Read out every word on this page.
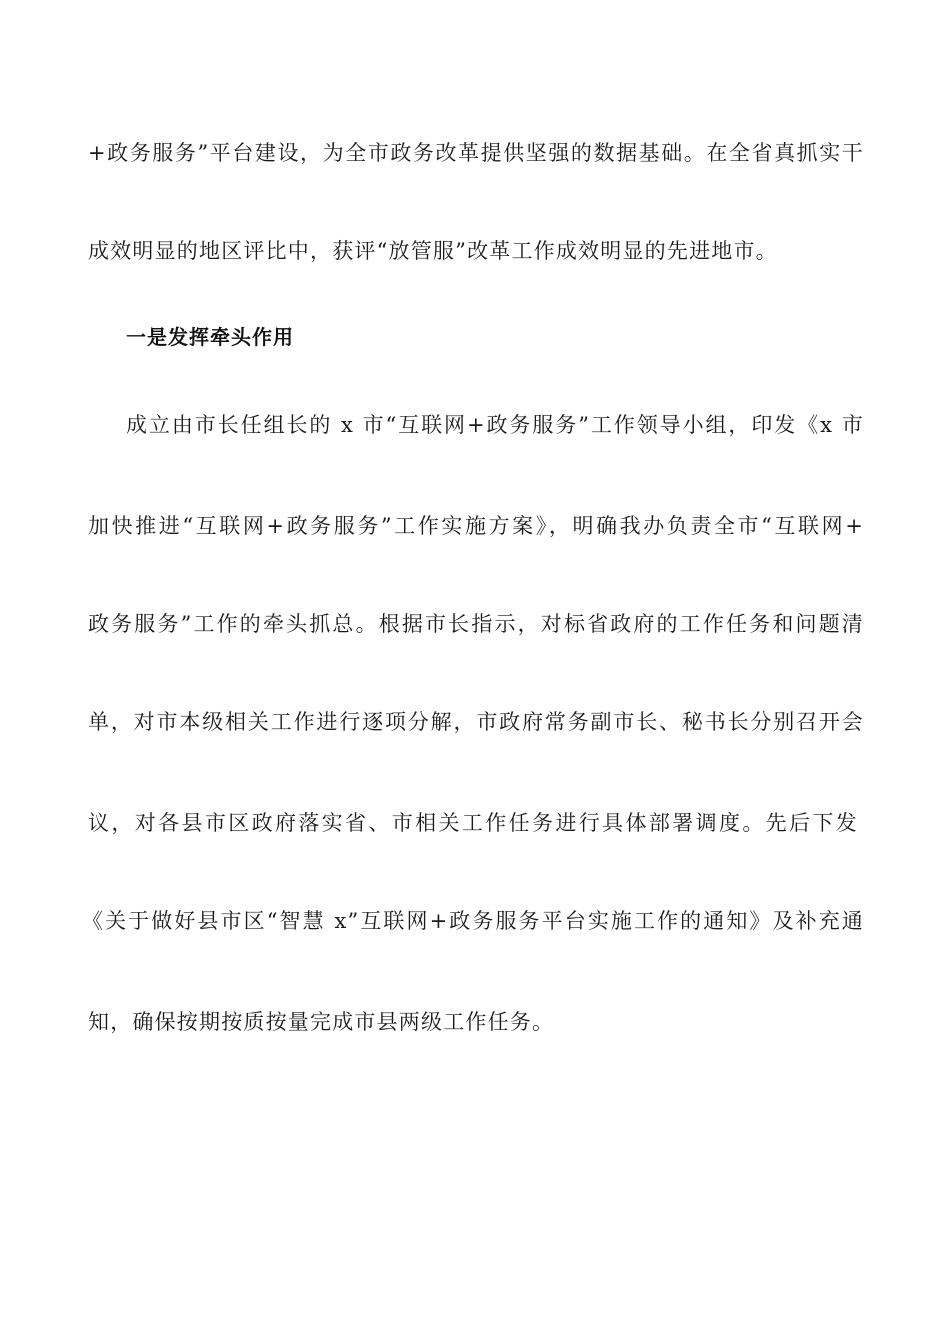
+政务服务”平台建设，为全市政务改革提供坚强的数据基础。在全省真抓实干
成效明显的地区评比中，获评“放管服”改革工作成效明显的先进地市。
一是发挥牵头作用
成立由市长任组长的 x 市“互联网+政务服务”工作领导小组，印发《x 市
加快推进“互联网+政务服务”工作实施方案》，明确我办负责全市“互联网+
政务服务”工作的牵头抓总。根据市长指示，对标省政府的工作任务和问题清
单，对市本级相关工作进行逐项分解，市政府常务副市长、秘书长分别召开会
议，对各县市区政府落实省、市相关工作任务进行具体部署调度。先后下发
《关于做好县市区“智慧 x”互联网+政务服务平台实施工作的通知》及补充通
知，确保按期按质按量完成市县两级工作任务。
